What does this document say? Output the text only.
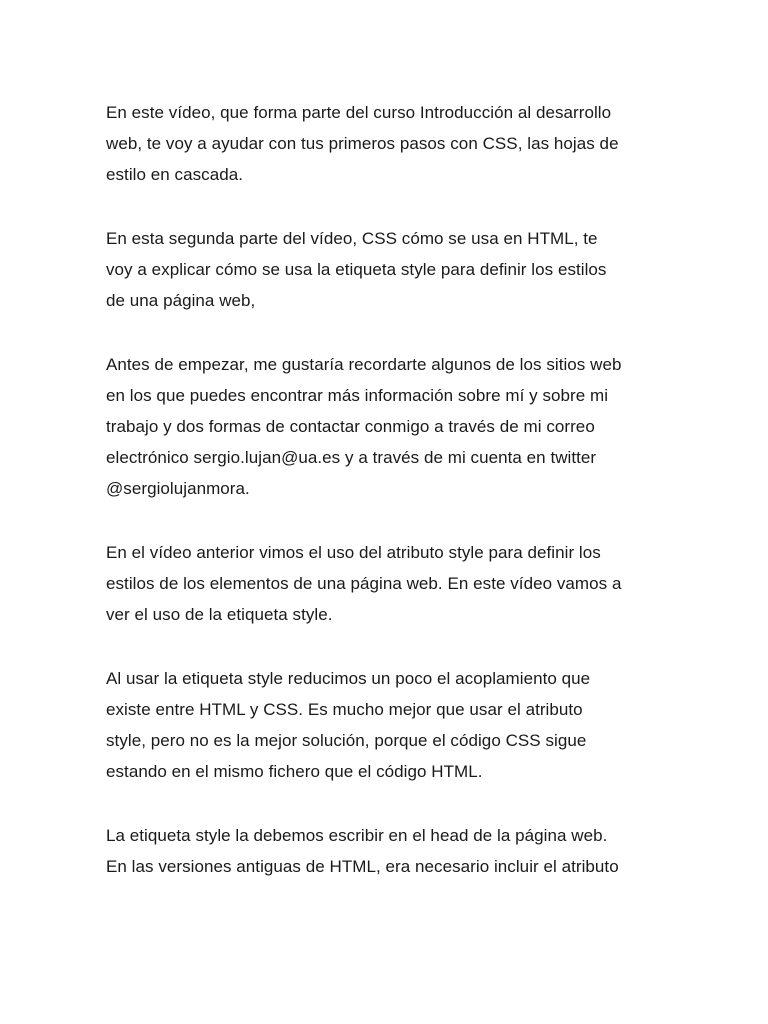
En este vídeo, que forma parte del curso Introducción al desarrollo
web, te voy a ayudar con tus primeros pasos con CSS, las hojas de
estilo en cascada.

En esta segunda parte del vídeo, CSS cómo se usa en HTML, te
voy a explicar cómo se usa la etiqueta style para definir los estilos
de una página web,

Antes de empezar, me gustaría recordarte algunos de los sitios web
en los que puedes encontrar más información sobre mí y sobre mi
trabajo y dos formas de contactar conmigo a través de mi correo
electrónico sergio.lujan@ua.es y a través de mi cuenta en twitter
@sergiolujanmora.

En el vídeo anterior vimos el uso del atributo style para definir los
estilos de los elementos de una página web. En este vídeo vamos a
ver el uso de la etiqueta style.

Al usar la etiqueta style reducimos un poco el acoplamiento que
existe entre HTML y CSS. Es mucho mejor que usar el atributo
style, pero no es la mejor solución, porque el código CSS sigue
estando en el mismo fichero que el código HTML.

La etiqueta style la debemos escribir en el head de la página web.
En las versiones antiguas de HTML, era necesario incluir el atributo
